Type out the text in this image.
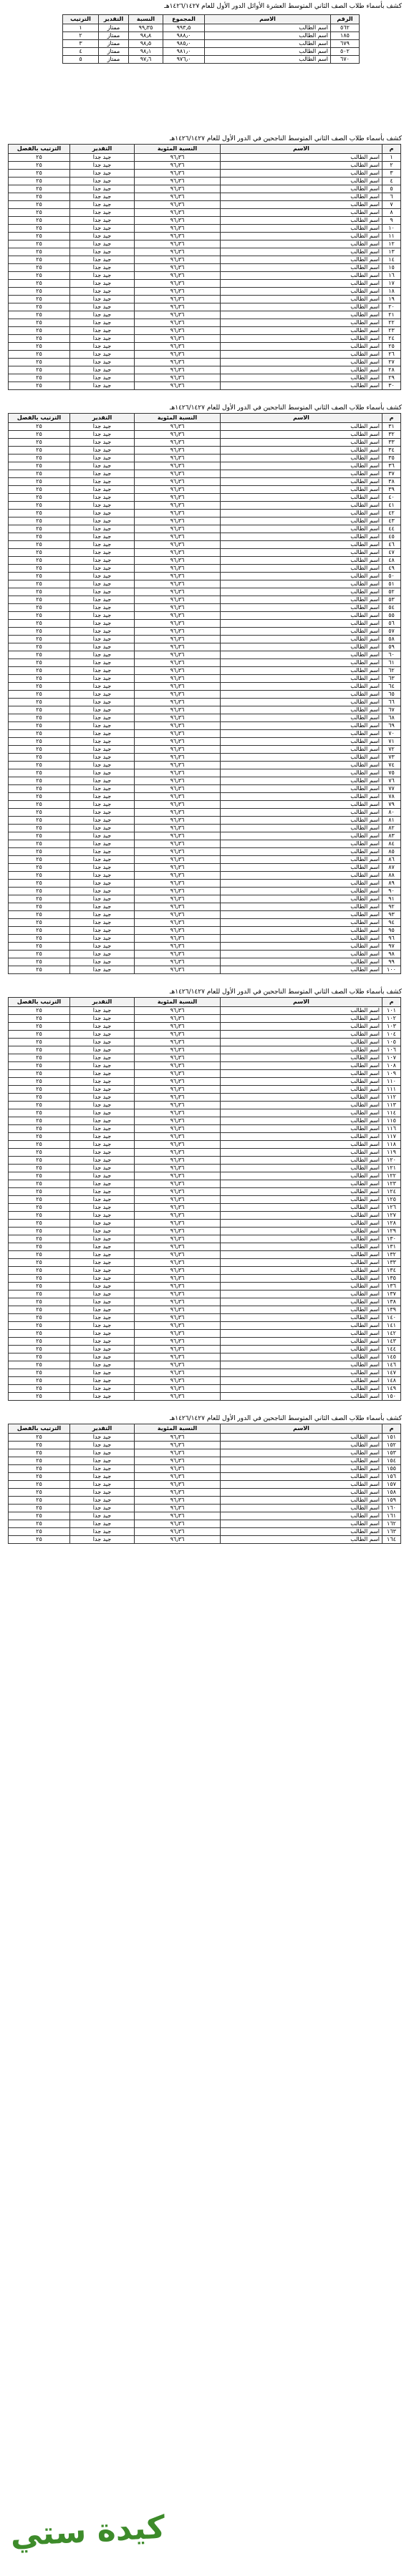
كشف بأسماء طلاب الصف الثاني المتوسط العشرة الأوائل الدور الأول للعام ١٤٢٦/١٤٢٧هـ
الرقم	الاسم	المجموع	النسبة	التقدير	الترتيب
٥٦٢	اسم الطالب	٩٩٣٫٥	٩٩٫٣٥	ممتاز	١
١٨٥	اسم الطالب	٩٨٨٫٠	٩٨٫٨	ممتاز	٢
٦٧٩	اسم الطالب	٩٨٥٫٠	٩٨٫٥	ممتاز	٣
٥٠٢	اسم الطالب	٩٨١٫٠	٩٨٫١	ممتاز	٤
٦٧٠	اسم الطالب	٩٧٦٫٠	٩٧٫٦	ممتاز	٥
كشف بأسماء طلاب الصف الثاني المتوسط الناجحين في الدور الأول للعام ١٤٢٦/١٤٢٧هـ
م	الاسم	النسبة المئوية	التقدير	الترتيب بالفصل
١	اسم الطالب	٩٦٫٣٦	جيد جدا	٢٥
٢	اسم الطالب	٩٦٫٣٦	جيد جدا	٢٥
٣	اسم الطالب	٩٦٫٣٦	جيد جدا	٢٥
٤	اسم الطالب	٩٦٫٣٦	جيد جدا	٢٥
٥	اسم الطالب	٩٦٫٣٦	جيد جدا	٢٥
٦	اسم الطالب	٩٦٫٣٦	جيد جدا	٢٥
٧	اسم الطالب	٩٦٫٣٦	جيد جدا	٢٥
٨	اسم الطالب	٩٦٫٣٦	جيد جدا	٢٥
٩	اسم الطالب	٩٦٫٣٦	جيد جدا	٢٥
١٠	اسم الطالب	٩٦٫٣٦	جيد جدا	٢٥
١١	اسم الطالب	٩٦٫٣٦	جيد جدا	٢٥
١٢	اسم الطالب	٩٦٫٣٦	جيد جدا	٢٥
١٣	اسم الطالب	٩٦٫٣٦	جيد جدا	٢٥
١٤	اسم الطالب	٩٦٫٣٦	جيد جدا	٢٥
١٥	اسم الطالب	٩٦٫٣٦	جيد جدا	٢٥
١٦	اسم الطالب	٩٦٫٣٦	جيد جدا	٢٥
١٧	اسم الطالب	٩٦٫٣٦	جيد جدا	٢٥
١٨	اسم الطالب	٩٦٫٣٦	جيد جدا	٢٥
١٩	اسم الطالب	٩٦٫٣٦	جيد جدا	٢٥
٢٠	اسم الطالب	٩٦٫٣٦	جيد جدا	٢٥
٢١	اسم الطالب	٩٦٫٣٦	جيد جدا	٢٥
٢٢	اسم الطالب	٩٦٫٣٦	جيد جدا	٢٥
٢٣	اسم الطالب	٩٦٫٣٦	جيد جدا	٢٥
٢٤	اسم الطالب	٩٦٫٣٦	جيد جدا	٢٥
٢٥	اسم الطالب	٩٦٫٣٦	جيد جدا	٢٥
٢٦	اسم الطالب	٩٦٫٣٦	جيد جدا	٢٥
٢٧	اسم الطالب	٩٦٫٣٦	جيد جدا	٢٥
٢٨	اسم الطالب	٩٦٫٣٦	جيد جدا	٢٥
٢٩	اسم الطالب	٩٦٫٣٦	جيد جدا	٢٥
٣٠	اسم الطالب	٩٦٫٣٦	جيد جدا	٢٥
كشف بأسماء طلاب الصف الثاني المتوسط الناجحين في الدور الأول للعام ١٤٢٦/١٤٢٧هـ
م	الاسم	النسبة المئوية	التقدير	الترتيب بالفصل
٣١	اسم الطالب	٩٦٫٣٦	جيد جدا	٢٥
٣٢	اسم الطالب	٩٦٫٣٦	جيد جدا	٢٥
٣٣	اسم الطالب	٩٦٫٣٦	جيد جدا	٢٥
٣٤	اسم الطالب	٩٦٫٣٦	جيد جدا	٢٥
٣٥	اسم الطالب	٩٦٫٣٦	جيد جدا	٢٥
٣٦	اسم الطالب	٩٦٫٣٦	جيد جدا	٢٥
٣٧	اسم الطالب	٩٦٫٣٦	جيد جدا	٢٥
٣٨	اسم الطالب	٩٦٫٣٦	جيد جدا	٢٥
٣٩	اسم الطالب	٩٦٫٣٦	جيد جدا	٢٥
٤٠	اسم الطالب	٩٦٫٣٦	جيد جدا	٢٥
٤١	اسم الطالب	٩٦٫٣٦	جيد جدا	٢٥
٤٢	اسم الطالب	٩٦٫٣٦	جيد جدا	٢٥
٤٣	اسم الطالب	٩٦٫٣٦	جيد جدا	٢٥
٤٤	اسم الطالب	٩٦٫٣٦	جيد جدا	٢٥
٤٥	اسم الطالب	٩٦٫٣٦	جيد جدا	٢٥
٤٦	اسم الطالب	٩٦٫٣٦	جيد جدا	٢٥
٤٧	اسم الطالب	٩٦٫٣٦	جيد جدا	٢٥
٤٨	اسم الطالب	٩٦٫٣٦	جيد جدا	٢٥
٤٩	اسم الطالب	٩٦٫٣٦	جيد جدا	٢٥
٥٠	اسم الطالب	٩٦٫٣٦	جيد جدا	٢٥
٥١	اسم الطالب	٩٦٫٣٦	جيد جدا	٢٥
٥٢	اسم الطالب	٩٦٫٣٦	جيد جدا	٢٥
٥٣	اسم الطالب	٩٦٫٣٦	جيد جدا	٢٥
٥٤	اسم الطالب	٩٦٫٣٦	جيد جدا	٢٥
٥٥	اسم الطالب	٩٦٫٣٦	جيد جدا	٢٥
٥٦	اسم الطالب	٩٦٫٣٦	جيد جدا	٢٥
٥٧	اسم الطالب	٩٦٫٣٦	جيد جدا	٢٥
٥٨	اسم الطالب	٩٦٫٣٦	جيد جدا	٢٥
٥٩	اسم الطالب	٩٦٫٣٦	جيد جدا	٢٥
٦٠	اسم الطالب	٩٦٫٣٦	جيد جدا	٢٥
٦١	اسم الطالب	٩٦٫٣٦	جيد جدا	٢٥
٦٢	اسم الطالب	٩٦٫٣٦	جيد جدا	٢٥
٦٣	اسم الطالب	٩٦٫٣٦	جيد جدا	٢٥
٦٤	اسم الطالب	٩٦٫٣٦	جيد جدا	٢٥
٦٥	اسم الطالب	٩٦٫٣٦	جيد جدا	٢٥
٦٦	اسم الطالب	٩٦٫٣٦	جيد جدا	٢٥
٦٧	اسم الطالب	٩٦٫٣٦	جيد جدا	٢٥
٦٨	اسم الطالب	٩٦٫٣٦	جيد جدا	٢٥
٦٩	اسم الطالب	٩٦٫٣٦	جيد جدا	٢٥
٧٠	اسم الطالب	٩٦٫٣٦	جيد جدا	٢٥
٧١	اسم الطالب	٩٦٫٣٦	جيد جدا	٢٥
٧٢	اسم الطالب	٩٦٫٣٦	جيد جدا	٢٥
٧٣	اسم الطالب	٩٦٫٣٦	جيد جدا	٢٥
٧٤	اسم الطالب	٩٦٫٣٦	جيد جدا	٢٥
٧٥	اسم الطالب	٩٦٫٣٦	جيد جدا	٢٥
٧٦	اسم الطالب	٩٦٫٣٦	جيد جدا	٢٥
٧٧	اسم الطالب	٩٦٫٣٦	جيد جدا	٢٥
٧٨	اسم الطالب	٩٦٫٣٦	جيد جدا	٢٥
٧٩	اسم الطالب	٩٦٫٣٦	جيد جدا	٢٥
٨٠	اسم الطالب	٩٦٫٣٦	جيد جدا	٢٥
٨١	اسم الطالب	٩٦٫٣٦	جيد جدا	٢٥
٨٢	اسم الطالب	٩٦٫٣٦	جيد جدا	٢٥
٨٣	اسم الطالب	٩٦٫٣٦	جيد جدا	٢٥
٨٤	اسم الطالب	٩٦٫٣٦	جيد جدا	٢٥
٨٥	اسم الطالب	٩٦٫٣٦	جيد جدا	٢٥
٨٦	اسم الطالب	٩٦٫٣٦	جيد جدا	٢٥
٨٧	اسم الطالب	٩٦٫٣٦	جيد جدا	٢٥
٨٨	اسم الطالب	٩٦٫٣٦	جيد جدا	٢٥
٨٩	اسم الطالب	٩٦٫٣٦	جيد جدا	٢٥
٩٠	اسم الطالب	٩٦٫٣٦	جيد جدا	٢٥
٩١	اسم الطالب	٩٦٫٣٦	جيد جدا	٢٥
٩٢	اسم الطالب	٩٦٫٣٦	جيد جدا	٢٥
٩٣	اسم الطالب	٩٦٫٣٦	جيد جدا	٢٥
٩٤	اسم الطالب	٩٦٫٣٦	جيد جدا	٢٥
٩٥	اسم الطالب	٩٦٫٣٦	جيد جدا	٢٥
٩٦	اسم الطالب	٩٦٫٣٦	جيد جدا	٢٥
٩٧	اسم الطالب	٩٦٫٣٦	جيد جدا	٢٥
٩٨	اسم الطالب	٩٦٫٣٦	جيد جدا	٢٥
٩٩	اسم الطالب	٩٦٫٣٦	جيد جدا	٢٥
١٠٠	اسم الطالب	٩٦٫٣٦	جيد جدا	٢٥
كشف بأسماء طلاب الصف الثاني المتوسط الناجحين في الدور الأول للعام ١٤٢٦/١٤٢٧هـ
م	الاسم	النسبة المئوية	التقدير	الترتيب بالفصل
١٠١	اسم الطالب	٩٦٫٣٦	جيد جدا	٢٥
١٠٢	اسم الطالب	٩٦٫٣٦	جيد جدا	٢٥
١٠٣	اسم الطالب	٩٦٫٣٦	جيد جدا	٢٥
١٠٤	اسم الطالب	٩٦٫٣٦	جيد جدا	٢٥
١٠٥	اسم الطالب	٩٦٫٣٦	جيد جدا	٢٥
١٠٦	اسم الطالب	٩٦٫٣٦	جيد جدا	٢٥
١٠٧	اسم الطالب	٩٦٫٣٦	جيد جدا	٢٥
١٠٨	اسم الطالب	٩٦٫٣٦	جيد جدا	٢٥
١٠٩	اسم الطالب	٩٦٫٣٦	جيد جدا	٢٥
١١٠	اسم الطالب	٩٦٫٣٦	جيد جدا	٢٥
١١١	اسم الطالب	٩٦٫٣٦	جيد جدا	٢٥
١١٢	اسم الطالب	٩٦٫٣٦	جيد جدا	٢٥
١١٣	اسم الطالب	٩٦٫٣٦	جيد جدا	٢٥
١١٤	اسم الطالب	٩٦٫٣٦	جيد جدا	٢٥
١١٥	اسم الطالب	٩٦٫٣٦	جيد جدا	٢٥
١١٦	اسم الطالب	٩٦٫٣٦	جيد جدا	٢٥
١١٧	اسم الطالب	٩٦٫٣٦	جيد جدا	٢٥
١١٨	اسم الطالب	٩٦٫٣٦	جيد جدا	٢٥
١١٩	اسم الطالب	٩٦٫٣٦	جيد جدا	٢٥
١٢٠	اسم الطالب	٩٦٫٣٦	جيد جدا	٢٥
١٢١	اسم الطالب	٩٦٫٣٦	جيد جدا	٢٥
١٢٢	اسم الطالب	٩٦٫٣٦	جيد جدا	٢٥
١٢٣	اسم الطالب	٩٦٫٣٦	جيد جدا	٢٥
١٢٤	اسم الطالب	٩٦٫٣٦	جيد جدا	٢٥
١٢٥	اسم الطالب	٩٦٫٣٦	جيد جدا	٢٥
١٢٦	اسم الطالب	٩٦٫٣٦	جيد جدا	٢٥
١٢٧	اسم الطالب	٩٦٫٣٦	جيد جدا	٢٥
١٢٨	اسم الطالب	٩٦٫٣٦	جيد جدا	٢٥
١٢٩	اسم الطالب	٩٦٫٣٦	جيد جدا	٢٥
١٣٠	اسم الطالب	٩٦٫٣٦	جيد جدا	٢٥
١٣١	اسم الطالب	٩٦٫٣٦	جيد جدا	٢٥
١٣٢	اسم الطالب	٩٦٫٣٦	جيد جدا	٢٥
١٣٣	اسم الطالب	٩٦٫٣٦	جيد جدا	٢٥
١٣٤	اسم الطالب	٩٦٫٣٦	جيد جدا	٢٥
١٣٥	اسم الطالب	٩٦٫٣٦	جيد جدا	٢٥
١٣٦	اسم الطالب	٩٦٫٣٦	جيد جدا	٢٥
١٣٧	اسم الطالب	٩٦٫٣٦	جيد جدا	٢٥
١٣٨	اسم الطالب	٩٦٫٣٦	جيد جدا	٢٥
١٣٩	اسم الطالب	٩٦٫٣٦	جيد جدا	٢٥
١٤٠	اسم الطالب	٩٦٫٣٦	جيد جدا	٢٥
١٤١	اسم الطالب	٩٦٫٣٦	جيد جدا	٢٥
١٤٢	اسم الطالب	٩٦٫٣٦	جيد جدا	٢٥
١٤٣	اسم الطالب	٩٦٫٣٦	جيد جدا	٢٥
١٤٤	اسم الطالب	٩٦٫٣٦	جيد جدا	٢٥
١٤٥	اسم الطالب	٩٦٫٣٦	جيد جدا	٢٥
١٤٦	اسم الطالب	٩٦٫٣٦	جيد جدا	٢٥
١٤٧	اسم الطالب	٩٦٫٣٦	جيد جدا	٢٥
١٤٨	اسم الطالب	٩٦٫٣٦	جيد جدا	٢٥
١٤٩	اسم الطالب	٩٦٫٣٦	جيد جدا	٢٥
١٥٠	اسم الطالب	٩٦٫٣٦	جيد جدا	٢٥
كشف بأسماء طلاب الصف الثاني المتوسط الناجحين في الدور الأول للعام ١٤٢٦/١٤٢٧هـ
م	الاسم	النسبة المئوية	التقدير	الترتيب بالفصل
١٥١	اسم الطالب	٩٦٫٣٦	جيد جدا	٢٥
١٥٢	اسم الطالب	٩٦٫٣٦	جيد جدا	٢٥
١٥٣	اسم الطالب	٩٦٫٣٦	جيد جدا	٢٥
١٥٤	اسم الطالب	٩٦٫٣٦	جيد جدا	٢٥
١٥٥	اسم الطالب	٩٦٫٣٦	جيد جدا	٢٥
١٥٦	اسم الطالب	٩٦٫٣٦	جيد جدا	٢٥
١٥٧	اسم الطالب	٩٦٫٣٦	جيد جدا	٢٥
١٥٨	اسم الطالب	٩٦٫٣٦	جيد جدا	٢٥
١٥٩	اسم الطالب	٩٦٫٣٦	جيد جدا	٢٥
١٦٠	اسم الطالب	٩٦٫٣٦	جيد جدا	٢٥
١٦١	اسم الطالب	٩٦٫٣٦	جيد جدا	٢٥
١٦٢	اسم الطالب	٩٦٫٣٦	جيد جدا	٢٥
١٦٣	اسم الطالب	٩٦٫٣٦	جيد جدا	٢٥
١٦٤	اسم الطالب	٩٦٫٣٦	جيد جدا	٢٥
كيدة ستي
